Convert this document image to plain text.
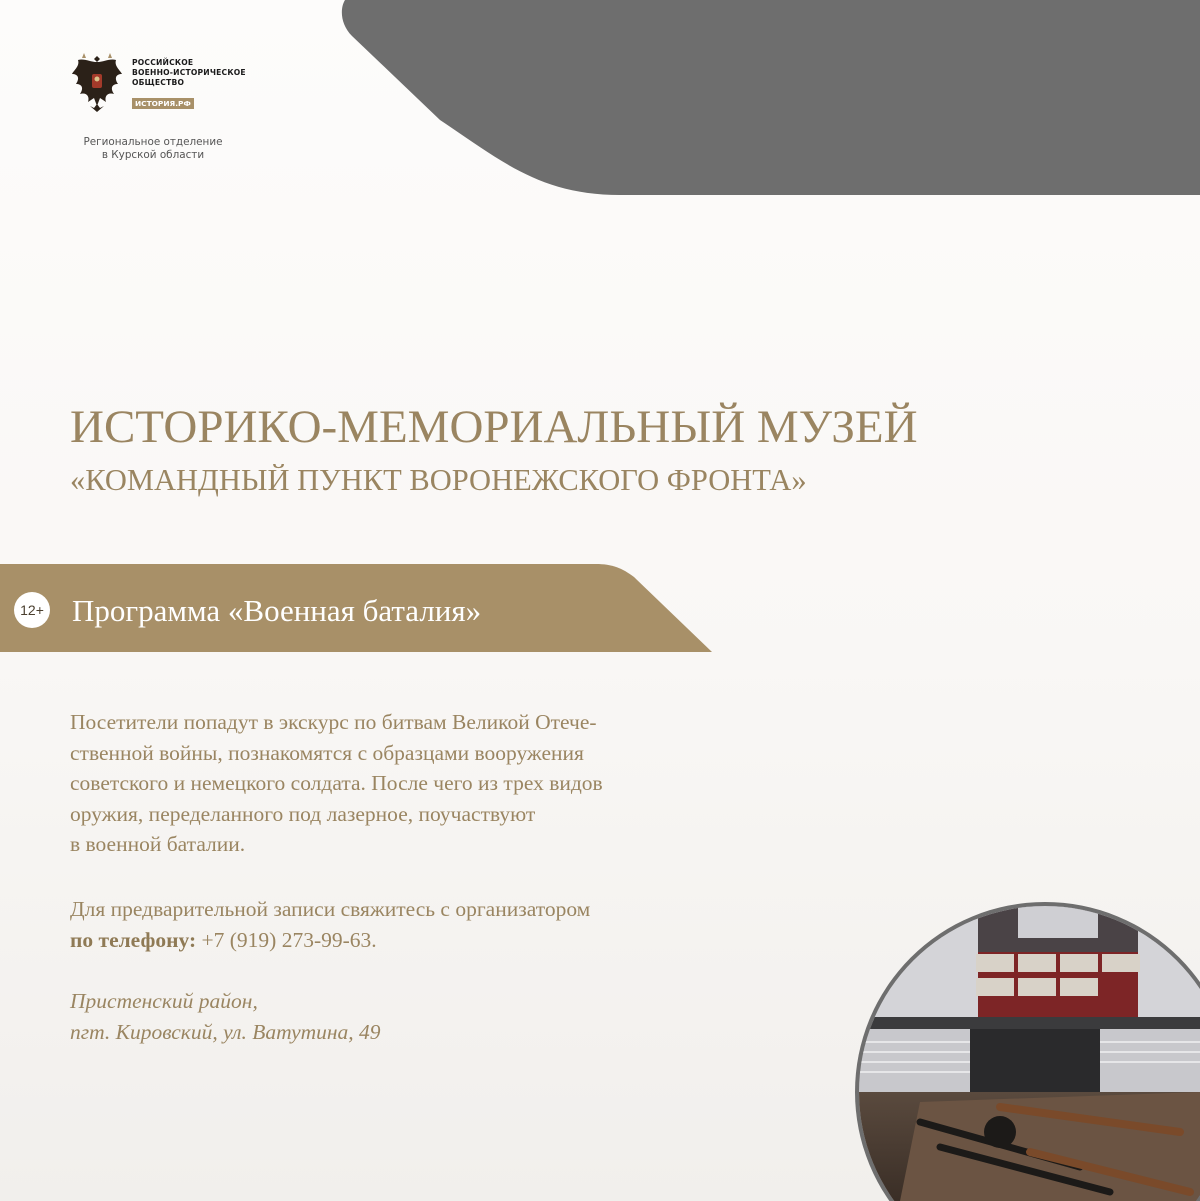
РОССИЙСКОЕ
ВОЕННО-ИСТОРИЧЕСКОЕ
ОБЩЕСТВО
ИСТОРИЯ.РФ
Региональное отделение
в Курской области
ИСТОРИКО-МЕМОРИАЛЬНЫЙ МУЗЕЙ
«КОМАНДНЫЙ ПУНКТ ВОРОНЕЖСКОГО ФРОНТА»
12+ Программа «Военная баталия»
Посетители попадут в экскурс по битвам Великой Отече-
ственной войны, познакомятся с образцами вооружения
советского и немецкого солдата. После чего из трех видов
оружия, переделанного под лазерное, поучаствуют
в военной баталии.
Для предварительной записи свяжитесь с организатором
по телефону: +7 (919) 273-99-63.
Пристенский район,
пгт. Кировский, ул. Ватутина, 49
